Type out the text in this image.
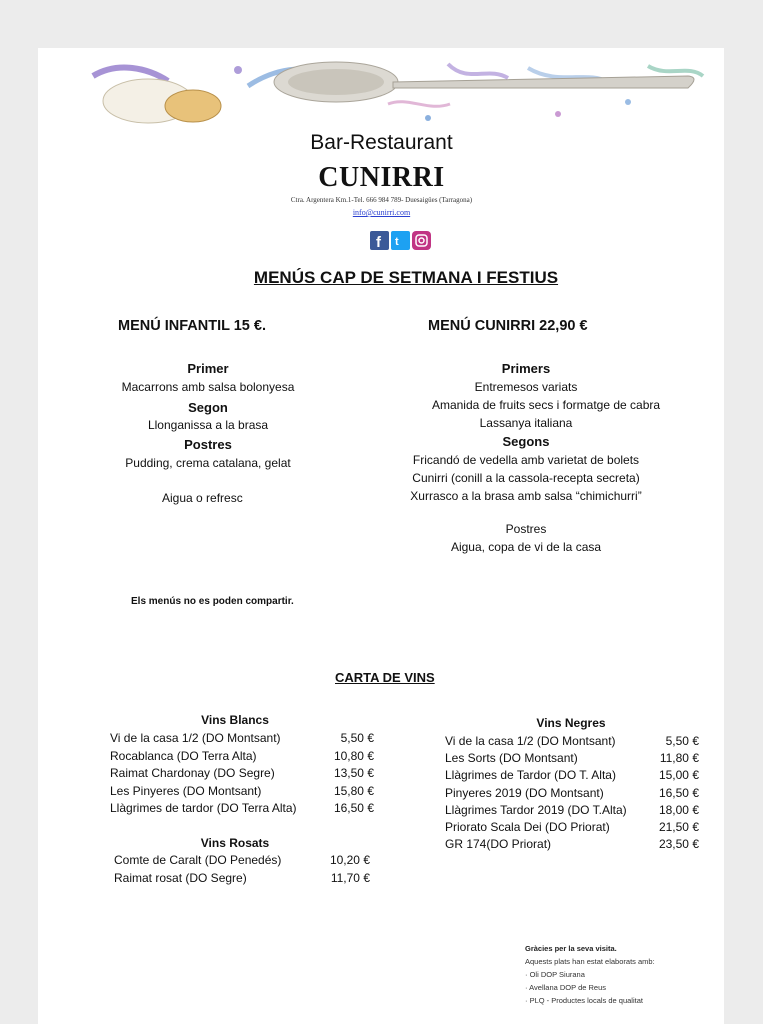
Bar-Restaurant
CUNIRRI
Ctra. Argentera Km.1-Tel. 666 984 789- Duesaigües (Tarragona)
info@cunirri.com
f t
MENÚS CAP DE SETMANA I FESTIUS
MENÚ INFANTIL 15 €.
Primer
Macarrons amb salsa bolonyesa
Segon
Llonganissa a la brasa
Postres
Pudding, crema catalana, gelat
Aigua o refresc
MENÚ CUNIRRI 22,90 €
Primers
Entremesos variats
Amanida de fruits secs i formatge de cabra
Lassanya italiana
Segons
Fricandó de vedella amb varietat de bolets
Cunirri (conill a la cassola-recepta secreta)
Xurrasco a la brasa amb salsa “chimichurri”
Postres
Aigua, copa de vi de la casa
Els menús no es poden compartir.
CARTA DE VINS
Vins Blancs
Vi de la casa 1/2 (DO Montsant)	5,50 €
Rocablanca (DO Terra Alta)	10,80 €
Raimat Chardonay (DO Segre)	13,50 €
Les Pinyeres (DO Montsant)	15,80 €
Llàgrimes de tardor (DO Terra Alta)	16,50 €
Vins Rosats
Comte de Caralt (DO Penedés)	10,20 €
Raimat rosat (DO Segre)	11,70 €
Vins Negres
Vi de la casa 1/2 (DO Montsant)	5,50 €
Les Sorts (DO Montsant)	11,80 €
Llàgrimes de Tardor (DO T. Alta)	15,00 €
Pinyeres 2019 (DO Montsant)	16,50 €
Llàgrimes Tardor 2019 (DO T.Alta)	18,00 €
Priorato Scala Dei (DO Priorat)	21,50 €
GR 174(DO Priorat)	23,50 €
Gràcies per la seva visita.
Aquests plats han estat elaborats amb:
· Oli DOP Siurana
· Avellana DOP de Reus
· PLQ - Productes locals de qualitat
